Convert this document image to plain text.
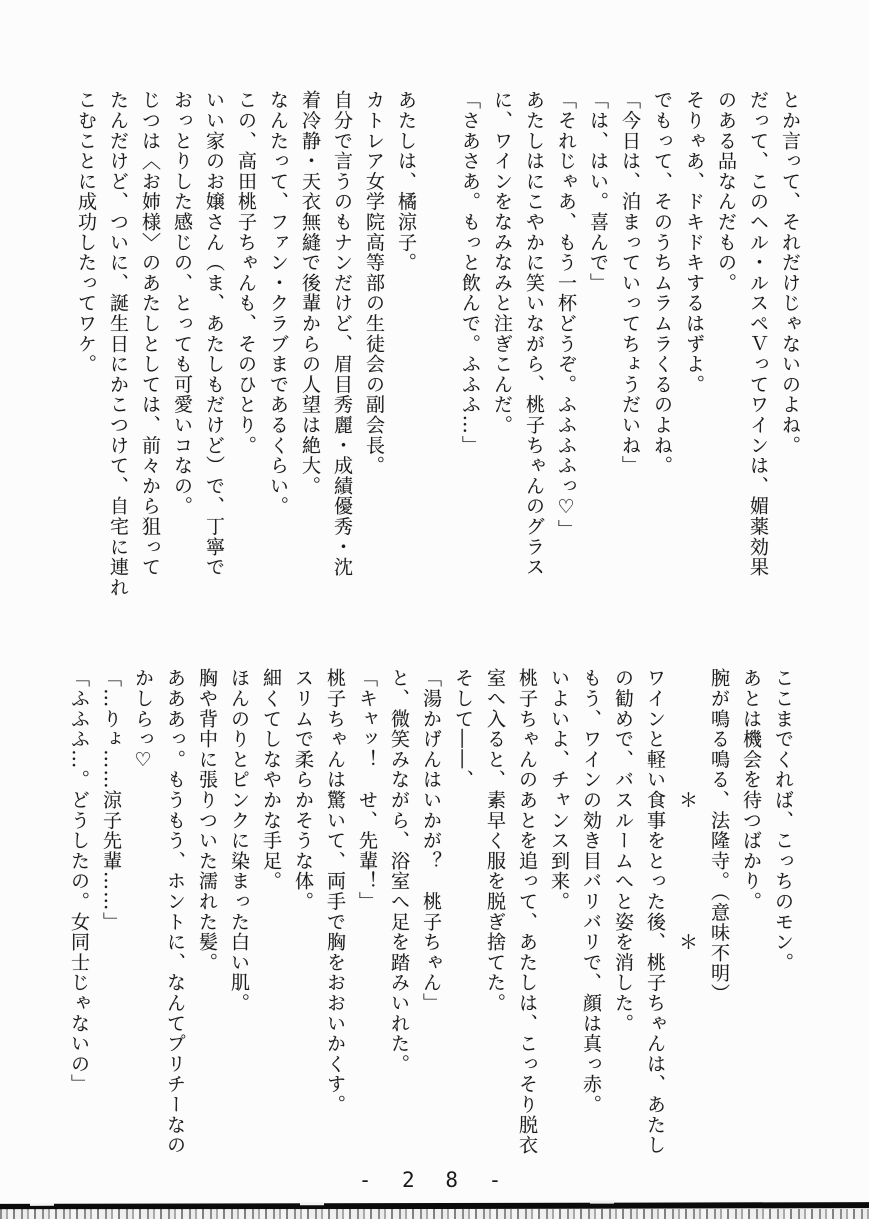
とか言って、それだけじゃないのよね。

だって、このヘル・ルスペＶってワインは、媚薬効果

のある品なんだもの。

そりゃあ、ドキドキするはずよ。

でもって、そのうちムラムラくるのよね。

「今日は、泊まっていってちょうだいね」

「は、はい。喜んで」

「それじゃあ、もう一杯どうぞ。ふふふふっ♡」

あたしはにこやかに笑いながら、桃子ちゃんのグラス

に、ワインをなみなみと注ぎこんだ。

「さあさあ。もっと飲んで。ふふふ…」

あたしは、橘涼子。

カトレア女学院高等部の生徒会の副会長。

自分で言うのもナンだけど、眉目秀麗・成績優秀・沈

着冷静・天衣無縫で後輩からの人望は絶大。

なんたって、ファン・クラブまであるくらい。

この、高田桃子ちゃんも、そのひとり。

いい家のお嬢さん（ま、あたしもだけど）で、丁寧で

おっとりした感じの、とっても可愛いコなの。

じつは〈お姉様〉のあたしとしては、前々から狙って

たんだけど、ついに、誕生日にかこつけて、自宅に連れ

こむことに成功したってワケ。

ここまでくれば、こっちのモン。

あとは機会を待つばかり。

腕が鳴る鳴る、法隆寺。（意味不明）

　　　　　　＊　　　　　　＊

ワインと軽い食事をとった後、桃子ちゃんは、あたし

の勧めで、バスルームへと姿を消した。

もう、ワインの効き目バリバリで、顔は真っ赤。

いよいよ、チャンス到来。

桃子ちゃんのあとを追って、あたしは、こっそり脱衣

室へ入ると、素早く服を脱ぎ捨てた。

そして――、

「湯かげんはいかが？　桃子ちゃん」

と、微笑みながら、浴室へ足を踏みいれた。

「キャッ！　せ、先輩！」

桃子ちゃんは驚いて、両手で胸をおおいかくす。

スリムで柔らかそうな体。

細くてしなやかな手足。

ほんのりとピンクに染まった白い肌。

胸や背中に張りついた濡れた髪。

あああっ。もうもう、ホントに、なんてプリチーなの

かしらっ♡

「…りょ……涼子先輩……」

「ふふふ…。どうしたの。女同士じゃないの」

- 2 8 -
